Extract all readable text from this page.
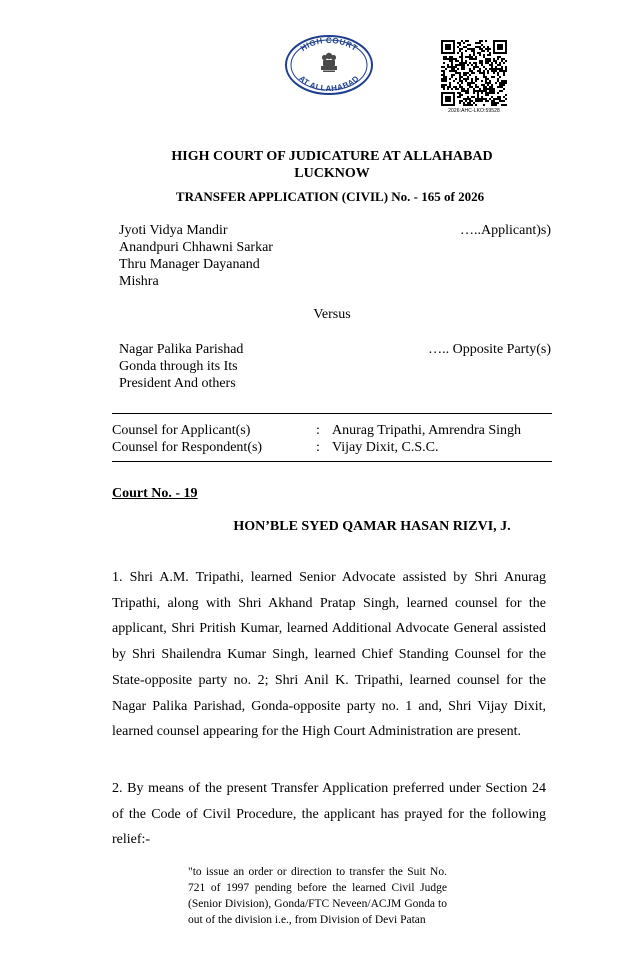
HIGH COURT
AT ALLAHABAD
2026:AHC-LKO:59528
HIGH COURT OF JUDICATURE AT ALLAHABAD
LUCKNOW
TRANSFER APPLICATION (CIVIL) No. - 165 of 2026
Jyoti Vidya Mandir
Anandpuri Chhawni Sarkar
Thru Manager Dayanand
Mishra
…..Applicant)s)
Versus
Nagar Palika Parishad
Gonda through its Its
President And others
….. Opposite Party(s)
Counsel for Applicant(s)	: Anurag Tripathi, Amrendra Singh
Counsel for Respondent(s)	: Vijay Dixit, C.S.C.
Court No. - 19
HON’BLE SYED QAMAR HASAN RIZVI, J.

1. Shri A.M. Tripathi, learned Senior Advocate assisted by Shri Anurag Tripathi, along with Shri Akhand Pratap Singh, learned counsel for the applicant, Shri Pritish Kumar, learned Additional Advocate General assisted by Shri Shailendra Kumar Singh, learned Chief Standing Counsel for the State-opposite party no. 2; Shri Anil K. Tripathi, learned counsel for the Nagar Palika Parishad, Gonda-opposite party no. 1 and, Shri Vijay Dixit, learned counsel appearing for the High Court Administration are present.

2. By means of the present Transfer Application preferred under Section 24 of the Code of Civil Procedure, the applicant has prayed for the following relief:-

"to issue an order or direction to transfer the Suit No. 721 of 1997 pending before the learned Civil Judge (Senior Division), Gonda/FTC Neveen/ACJM Gonda to out of the division i.e., from Division of Devi Patan
